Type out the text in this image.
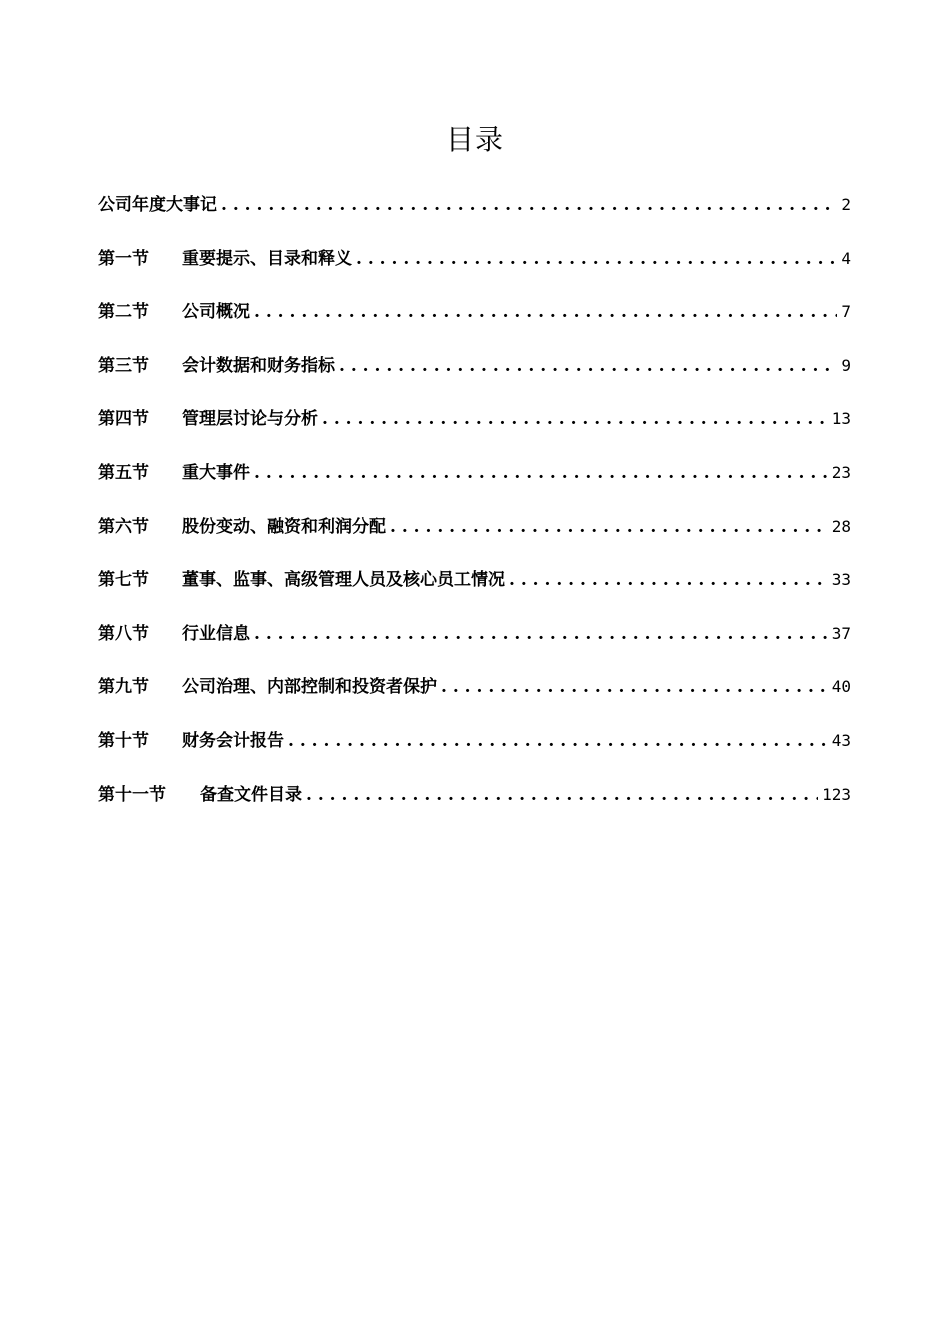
目录
公司年度大事记 . . .	2
第一节	重要提示、目录和释义 . . .	4
第二节	公司概况 . . .	7
第三节	会计数据和财务指标 . . .	9
第四节	管理层讨论与分析 . . .	13
第五节	重大事件 . . .	23
第六节	股份变动、融资和利润分配 . . .	28
第七节	董事、监事、高级管理人员及核心员工情况 . . .	33
第八节	行业信息 . . .	37
第九节	公司治理、内部控制和投资者保护 . . .	40
第十节	财务会计报告 . . .	43
第十一节	备查文件目录 . . .	123
